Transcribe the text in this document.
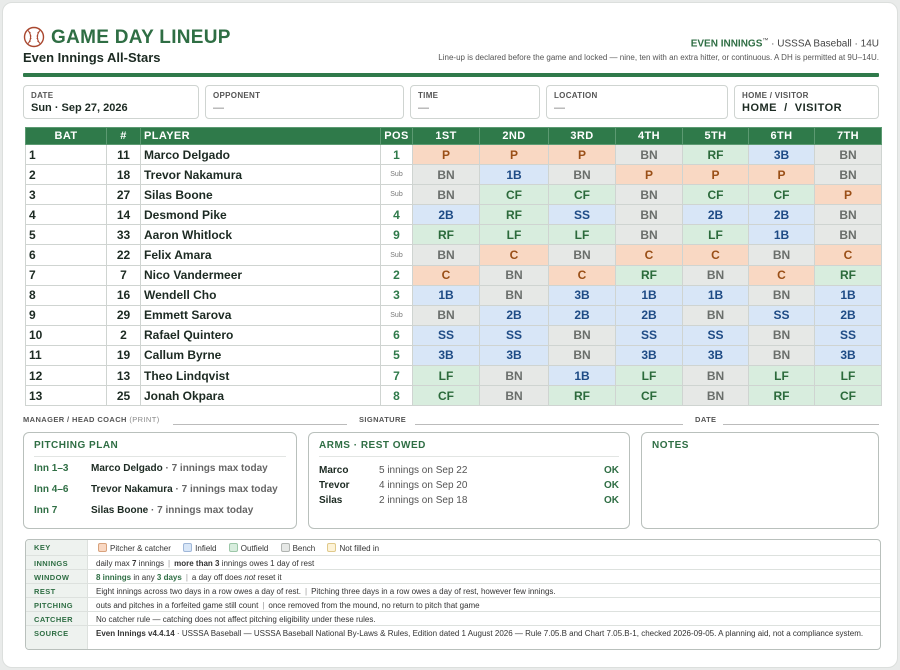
GAME DAY LINEUP
Even Innings All-Stars
EVEN INNINGS™ · USSSA Baseball · 14U
Line-up is declared before the game and locked — nine, ten with an extra hitter, or continuous. A DH is permitted at 9U–14U.
DATE
Sun · Sep 27, 2026
OPPONENT
—
TIME
—
LOCATION
—
HOME / VISITOR
HOME  /  VISITOR
BAT	#	PLAYER	POS	1ST	2ND	3RD	4TH	5TH	6TH	7TH
1	11	Marco Delgado	1	P	P	P	BN	RF	3B	BN
2	18	Trevor Nakamura	Sub	BN	1B	BN	P	P	P	BN
3	27	Silas Boone	Sub	BN	CF	CF	BN	CF	CF	P
4	14	Desmond Pike	4	2B	RF	SS	BN	2B	2B	BN
5	33	Aaron Whitlock	9	RF	LF	LF	BN	LF	1B	BN
6	22	Felix Amara	Sub	BN	C	BN	C	C	BN	C
7	7	Nico Vandermeer	2	C	BN	C	RF	BN	C	RF
8	16	Wendell Cho	3	1B	BN	3B	1B	1B	BN	1B
9	29	Emmett Sarova	Sub	BN	2B	2B	2B	BN	SS	2B
10	2	Rafael Quintero	6	SS	SS	BN	SS	SS	BN	SS
11	19	Callum Byrne	5	3B	3B	BN	3B	3B	BN	3B
12	13	Theo Lindqvist	7	LF	BN	1B	LF	BN	LF	LF
13	25	Jonah Okpara	8	CF	BN	RF	CF	BN	RF	CF
MANAGER / HEAD COACH (PRINT)	SIGNATURE	DATE
PITCHING PLAN
Inn 1–3 Marco Delgado · 7 innings max today
Inn 4–6 Trevor Nakamura · 7 innings max today
Inn 7	Silas Boone · 7 innings max today
ARMS · REST OWED
Marco	5 innings on Sep 22	OK
Trevor	4 innings on Sep 20	OK
Silas	2 innings on Sep 18	OK
NOTES
KEY	Pitcher & catcher	Infield	Outfield	Bench	Not filled in
INNINGS	daily max 7 innings | more than 3 innings owes 1 day of rest
WINDOW	8 innings in any 3 days | a day off does not reset it
REST	Eight innings across two days in a row owes a day of rest. | Pitching three days in a row owes a day of rest, however few innings.
PITCHING	outs and pitches in a forfeited game still count | once removed from the mound, no return to pitch that game
CATCHER	No catcher rule — catching does not affect pitching eligibility under these rules.
SOURCE	Even Innings v4.4.14 · USSSA Baseball — USSSA Baseball National By-Laws & Rules, Edition dated 1 August 2026 — Rule 7.05.B and Chart 7.05.B-1, checked 2026-09-05. A planning aid, not a compliance system.
